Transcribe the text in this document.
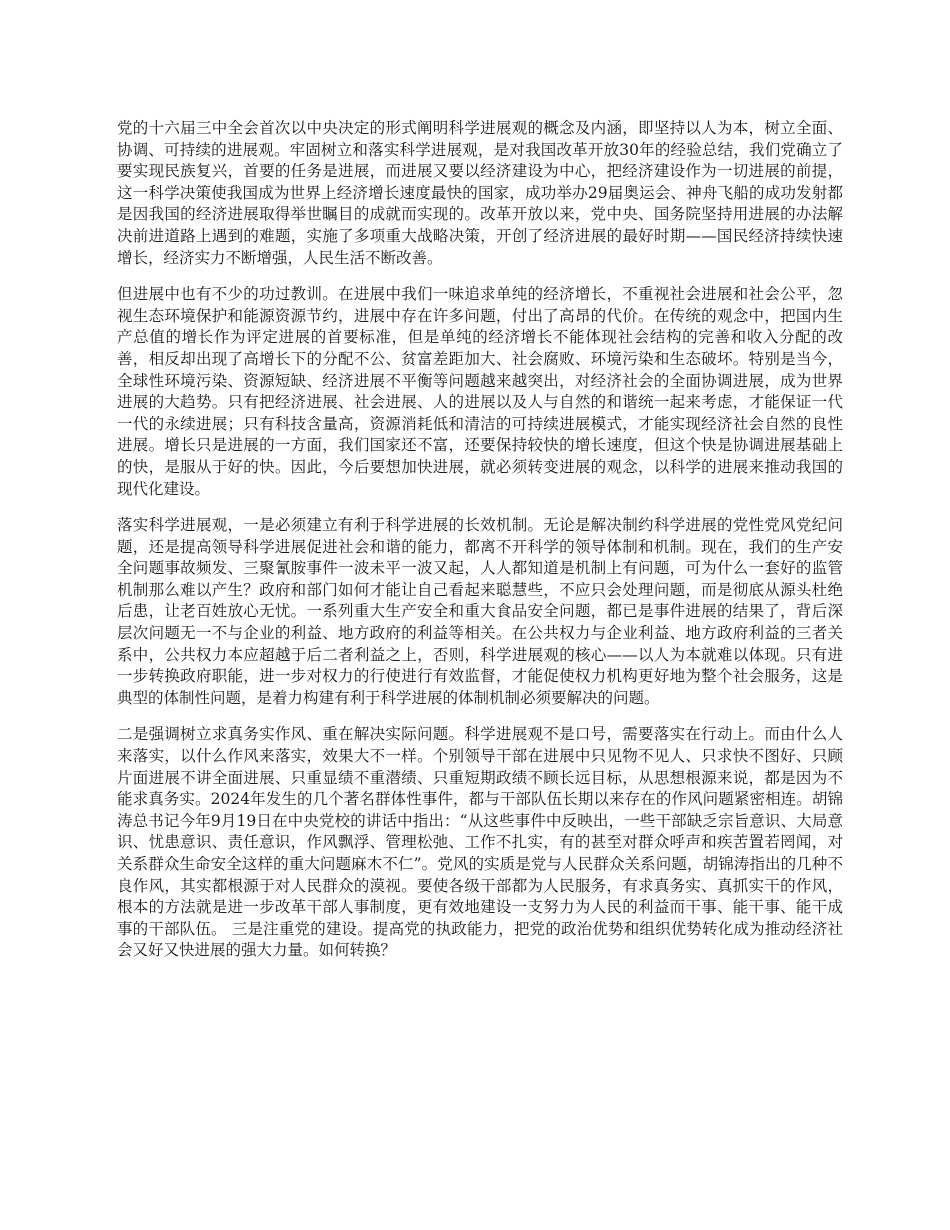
党的十六届三中全会首次以中央决定的形式阐明科学进展观的概念及内涵，即坚持以人为本，树立全面、协调、可持续的进展观。牢固树立和落实科学进展观，是对我国改革开放30年的经验总结，我们党确立了要实现民族复兴，首要的任务是进展，而进展又要以经济建设为中心，把经济建设作为一切进展的前提，这一科学决策使我国成为世界上经济增长速度最快的国家，成功举办29届奥运会、神舟飞船的成功发射都是因我国的经济进展取得举世瞩目的成就而实现的。改革开放以来，党中央、国务院坚持用进展的办法解决前进道路上遇到的难题，实施了多项重大战略决策，开创了经济进展的最好时期——国民经济持续快速增长，经济实力不断增强，人民生活不断改善。

但进展中也有不少的功过教训。在进展中我们一味追求单纯的经济增长，不重视社会进展和社会公平，忽视生态环境保护和能源资源节约，进展中存在许多问题，付出了高昂的代价。在传统的观念中，把国内生产总值的增长作为评定进展的首要标准，但是单纯的经济增长不能体现社会结构的完善和收入分配的改善，相反却出现了高增长下的分配不公、贫富差距加大、社会腐败、环境污染和生态破坏。特别是当今，全球性环境污染、资源短缺、经济进展不平衡等问题越来越突出，对经济社会的全面协调进展，成为世界进展的大趋势。只有把经济进展、社会进展、人的进展以及人与自然的和谐统一起来考虑，才能保证一代一代的永续进展；只有科技含量高，资源消耗低和清洁的可持续进展模式，才能实现经济社会自然的良性进展。增长只是进展的一方面，我们国家还不富，还要保持较快的增长速度，但这个快是协调进展基础上的快，是服从于好的快。因此，今后要想加快进展，就必须转变进展的观念，以科学的进展来推动我国的现代化建设。

落实科学进展观，一是必须建立有利于科学进展的长效机制。无论是解决制约科学进展的党性党风党纪问题，还是提高领导科学进展促进社会和谐的能力，都离不开科学的领导体制和机制。现在，我们的生产安全问题事故频发、三聚氰胺事件一波未平一波又起，人人都知道是机制上有问题，可为什么一套好的监管机制那么难以产生？政府和部门如何才能让自己看起来聪慧些，不应只会处理问题，而是彻底从源头杜绝后患，让老百姓放心无忧。一系列重大生产安全和重大食品安全问题，都已是事件进展的结果了，背后深层次问题无一不与企业的利益、地方政府的利益等相关。在公共权力与企业利益、地方政府利益的三者关系中，公共权力本应超越于后二者利益之上，否则，科学进展观的核心——以人为本就难以体现。只有进一步转换政府职能，进一步对权力的行使进行有效监督，才能促使权力机构更好地为整个社会服务，这是典型的体制性问题，是着力构建有利于科学进展的体制机制必须要解决的问题。

二是强调树立求真务实作风、重在解决实际问题。科学进展观不是口号，需要落实在行动上。而由什么人来落实，以什么作风来落实，效果大不一样。个别领导干部在进展中只见物不见人、只求快不图好、只顾片面进展不讲全面进展、只重显绩不重潜绩、只重短期政绩不顾长远目标，从思想根源来说，都是因为不能求真务实。2024年发生的几个著名群体性事件，都与干部队伍长期以来存在的作风问题紧密相连。胡锦涛总书记今年9月19日在中央党校的讲话中指出：“从这些事件中反映出，一些干部缺乏宗旨意识、大局意识、忧患意识、责任意识，作风飘浮、管理松弛、工作不扎实，有的甚至对群众呼声和疾苦置若罔闻，对关系群众生命安全这样的重大问题麻木不仁”。党风的实质是党与人民群众关系问题，胡锦涛指出的几种不良作风，其实都根源于对人民群众的漠视。要使各级干部都为人民服务，有求真务实、真抓实干的作风，根本的方法就是进一步改革干部人事制度，更有效地建设一支努力为人民的利益而干事、能干事、能干成事的干部队伍。 三是注重党的建设。提高党的执政能力，把党的政治优势和组织优势转化成为推动经济社会又好又快进展的强大力量。如何转换？
